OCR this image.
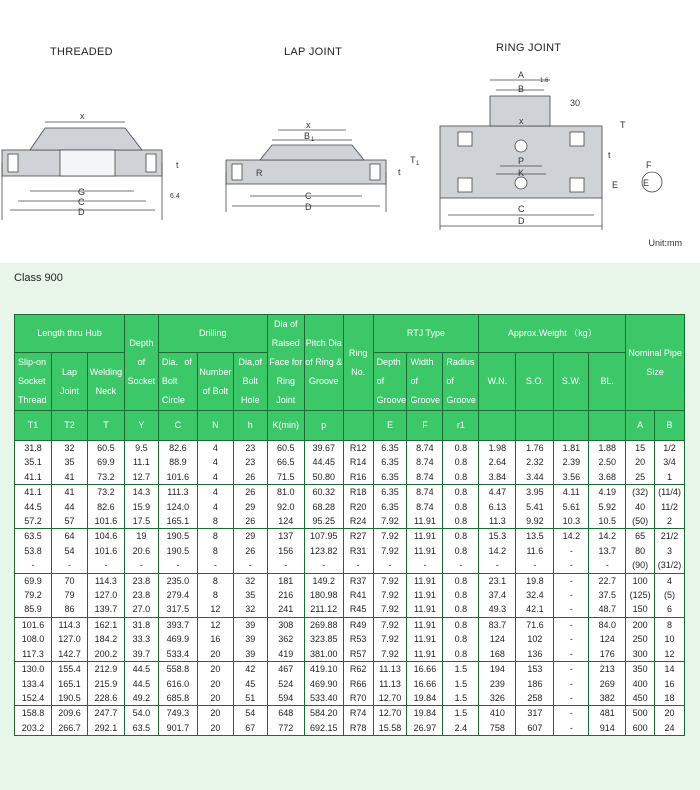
THREADED	LAP JOINT	RING JOINT
x
G
C
D
t
6.4
x
B 1
C
D
R
T 1
t
A
1.6
B
30
x
P
K
C
D
T
t
E
F
E
Unit:mm
Class 900
Length thru Hub			Depth of Socket	Drilling			Dia of Raised Face for Ring Joint	Pitch Dia of Ring & Groove	Ring No.	RTJ Type			Approx.Weight （kg）				Nominal Pipe Size	
Slip-on Socket Thread	Lap Joint	Welding Neck		Dia．of Bolt Circle	Number of Bolt	Dia,of Bolt Hole				Depth of Groove	Width of Groove	Radius of Groove	W.N.	S.O.	S.W.	BL.		
T1	T2	T	Y	C	N	h	K(min)	p		E	F	r1					A	B
31.8	32	60.5	9.5	82.6	4	23	60.5	39.67	R12	6.35	8.74	0.8	1.98	1.76	1.81	1.88	15	1/2
35.1	35	69.9	11.1	88.9	4	23	66.5	44.45	R14	6.35	8.74	0.8	2.64	2.32	2.39	2.50	20	3/4
41.1	41	73.2	12.7	101.6	4	26	71.5	50.80	R16	6.35	8.74	0.8	3.84	3.44	3.56	3.68	25	1
41.1	41	73.2	14.3	111.3	4	26	81.0	60.32	R18	6.35	8.74	0.8	4.47	3.95	4.11	4.19	(32)	(11/4)
44.5	44	82.6	15.9	124.0	4	29	92.0	68.28	R20	6.35	8.74	0.8	6.13	5.41	5.61	5.92	40	11/2
57.2	57	101.6	17.5	165.1	8	26	124	95.25	R24	7.92	11.91	0.8	11.3	9.92	10.3	10.5	(50)	2
63.5	64	104.6	19	190.5	8	29	137	107.95	R27	7.92	11.91	0.8	15.3	13.5	14.2	14.2	65	21/2
53.8	54	101.6	20.6	190.5	8	26	156	123.82	R31	7.92	11.91	0.8	14.2	11.6	-	13.7	80	3
-	-	-	-	-	-	-	-	-	-	-	-	-	-	-	-	-	(90)	(31/2)
69.9	70	114.3	23.8	235.0	8	32	181	149.2	R37	7.92	11.91	0.8	23.1	19.8	-	22.7	100	4
79.2	79	127.0	23.8	279.4	8	35	216	180.98	R41	7.92	11.91	0.8	37.4	32.4	-	37.5	(125)	(5)
85.9	86	139.7	27.0	317.5	12	32	241	211.12	R45	7.92	11.91	0.8	49.3	42.1	-	48.7	150	6
101.6	114.3	162.1	31.8	393.7	12	39	308	269.88	R49	7.92	11.91	0.8	83.7	71.6	-	84.0	200	8
108.0	127.0	184.2	33.3	469.9	16	39	362	323.85	R53	7.92	11.91	0.8	124	102	-	124	250	10
117.3	142.7	200.2	39.7	533.4	20	39	419	381.00	R57	7.92	11.91	0.8	168	136	-	176	300	12
130.0	155.4	212.9	44.5	558.8	20	42	467	419.10	R62	11.13	16.66	1.5	194	153	-	213	350	14
133.4	165.1	215.9	44.5	616.0	20	45	524	469.90	R66	11.13	16.66	1.5	239	186	-	269	400	16
152.4	190.5	228.6	49.2	685.8	20	51	594	533.40	R70	12.70	19.84	1.5	326	258	-	382	450	18
158.8	209.6	247.7	54.0	749.3	20	54	648	584.20	R74	12.70	19.84	1.5	410	317	-	481	500	20
203.2	266.7	292.1	63.5	901.7	20	67	772	692.15	R78	15.58	26.97	2.4	758	607	-	914	600	24
